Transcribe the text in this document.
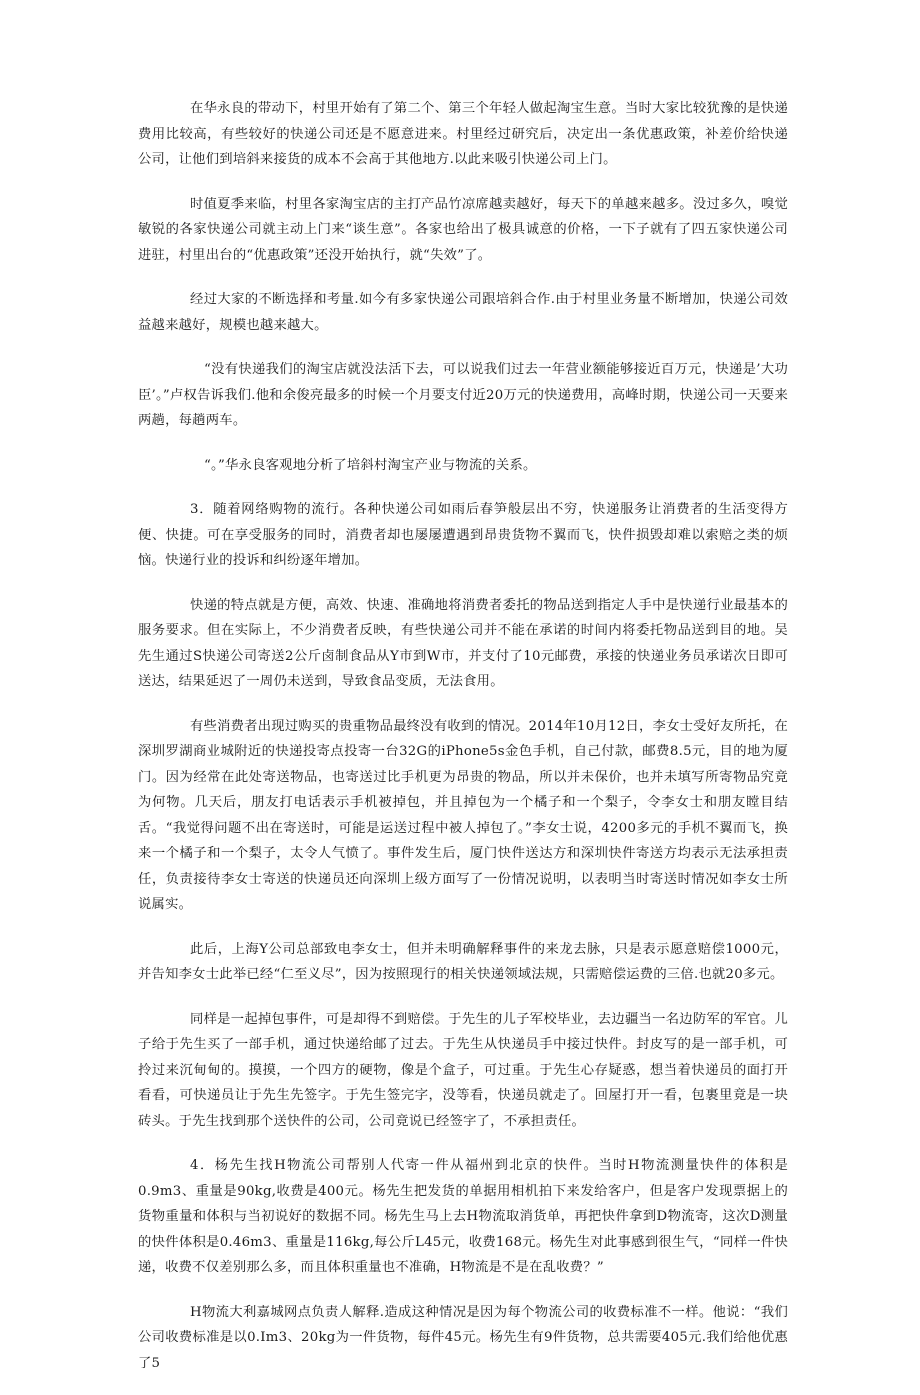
在华永良的带动下，村里开始有了第二个、第三个年轻人做起淘宝生意。当时大家比较犹豫的是快递费用比较高，有些较好的快递公司还是不愿意进来。村里经过研究后，决定出一条优惠政策，补差价给快递公司，让他们到培斜来接货的成本不会高于其他地方.以此来吸引快递公司上门。

时值夏季来临，村里各家淘宝店的主打产品竹凉席越卖越好，每天下的单越来越多。没过多久，嗅觉敏锐的各家快递公司就主动上门来“谈生意”。各家也给出了极具诚意的价格，一下子就有了四五家快递公司进驻，村里出台的“优惠政策”还没开始执行，就“失效”了。

经过大家的不断选择和考量.如今有多家快递公司跟培斜合作.由于村里业务量不断增加，快递公司效益越来越好，规模也越来越大。

“没有快递我们的淘宝店就没法活下去，可以说我们过去一年营业额能够接近百万元，快递是’大功臣’。”卢权告诉我们.他和余俊亮最多的时候一个月要支付近20万元的快递费用，高峰时期，快递公司一天要来两趟，每趟两车。

“。”华永良客观地分析了培斜村淘宝产业与物流的关系。

3．随着网络购物的流行。各种快递公司如雨后春笋般层出不穷，快递服务让消费者的生活变得方便、快捷。可在享受服务的同时，消费者却也屡屡遭遇到昂贵货物不翼而飞，快件损毁却难以索赔之类的烦恼。快递行业的投诉和纠纷逐年增加。

快递的特点就是方便，高效、快速、准确地将消费者委托的物品送到指定人手中是快递行业最基本的服务要求。但在实际上，不少消费者反映，有些快递公司并不能在承诺的时间内将委托物品送到目的地。吴先生通过S快递公司寄送2公斤卤制食品从Y市到W市，并支付了10元邮费，承接的快递业务员承诺次日即可送达，结果延迟了一周仍未送到，导致食品变质，无法食用。

有些消费者出现过购买的贵重物品最终没有收到的情况。2014年10月12日，李女士受好友所托，在深圳罗湖商业城附近的快递投寄点投寄一台32G的iPhone5s金色手机，自己付款，邮费8.5元，目的地为厦门。因为经常在此处寄送物品，也寄送过比手机更为昂贵的物品，所以并未保价，也并未填写所寄物品究竟为何物。几天后，朋友打电话表示手机被掉包，并且掉包为一个橘子和一个梨子，令李女士和朋友瞠目结舌。“我觉得问题不出在寄送时，可能是运送过程中被人掉包了。”李女士说，4200多元的手机不翼而飞，换来一个橘子和一个梨子，太令人气愤了。事件发生后，厦门快件送达方和深圳快件寄送方均表示无法承担责任，负责接待李女士寄送的快递员还向深圳上级方面写了一份情况说明，以表明当时寄送时情况如李女士所说属实。

此后，上海Y公司总部致电李女士，但并未明确解释事件的来龙去脉，只是表示愿意赔偿1000元，并告知李女士此举已经“仁至义尽”，因为按照现行的相关快递领域法规，只需赔偿运费的三倍.也就20多元。

同样是一起掉包事件，可是却得不到赔偿。于先生的儿子军校毕业，去边疆当一名边防军的军官。儿子给于先生买了一部手机，通过快递给邮了过去。于先生从快递员手中接过快件。封皮写的是一部手机，可拎过来沉甸甸的。摸摸，一个四方的硬物，像是个盒子，可过重。于先生心存疑惑，想当着快递员的面打开看看，可快递员让于先生先签字。于先生签完字，没等看，快递员就走了。回屋打开一看，包裹里竟是一块砖头。于先生找到那个送快件的公司，公司竟说已经签字了，不承担责任。

4．杨先生找H物流公司帮别人代寄一件从福州到北京的快件。当时H物流测量快件的体积是0.9m3、重量是90kg,收费是400元。杨先生把发货的单据用相机拍下来发给客户，但是客户发现票据上的货物重量和体积与当初说好的数据不同。杨先生马上去H物流取消货单，再把快件拿到D物流寄，这次D测量的快件体积是0.46m3、重量是116kg,每公斤L45元，收费168元。杨先生对此事感到很生气，“同样一件快递，收费不仅差别那么多，而且体积重量也不准确，H物流是不是在乱收费？”

H物流大利嘉城网点负责人解释.造成这种情况是因为每个物流公司的收费标准不一样。他说：“我们公司收费标准是以0.Im3、20kg为一件货物，每件45元。杨先生有9件货物，总共需要405元.我们给他优惠了5
